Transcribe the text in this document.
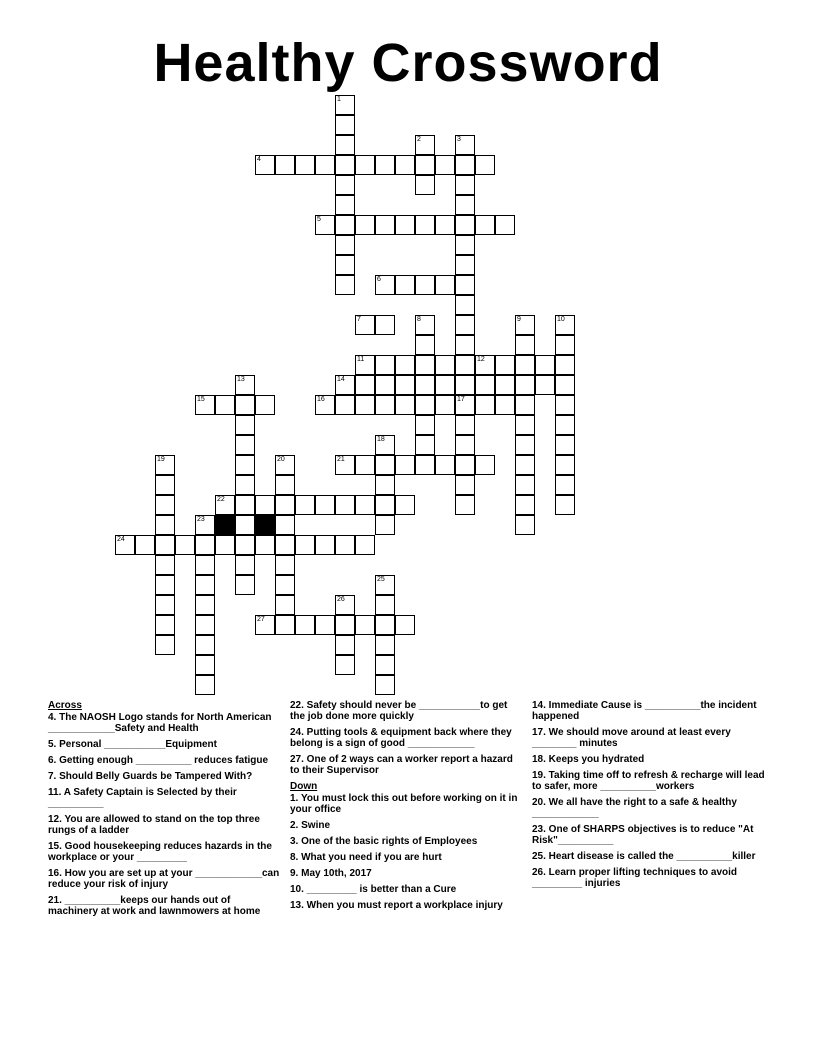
Healthy Crossword
1
2	3
17
4
5
6
7	8	9	10
11	12
13	14
15	16
18
19	20	21
22
23
24
25
26
27
Across

4. The NAOSH Logo stands for North American ____________Safety and Health

5. Personal ___________Equipment

6. Getting enough __________ reduces fatigue

7. Should Belly Guards be Tampered With?

11. A Safety Captain is Selected by their __________

12. You are allowed to stand on the top three rungs of a ladder

15. Good housekeeping reduces hazards in the workplace or your _________

16. How you are set up at your ____________can reduce your risk of injury

21. __________keeps our hands out of machinery at work and lawnmowers at home

22. Safety should never be ___________to get the job done more quickly

24. Putting tools & equipment back where they belong is a sign of good ____________

27. One of 2 ways can a worker report a hazard to their Supervisor

Down

1. You must lock this out before working on it in your office

2. Swine

3. One of the basic rights of Employees

8. What you need if you are hurt

9. May 10th, 2017

10. _________ is better than a Cure

13. When you must report a workplace injury

14. Immediate Cause is __________the incident happened

17. We should move around at least every ________ minutes

18. Keeps you hydrated

19. Taking time off to refresh & recharge will lead to safer, more __________workers

20. We all have the right to a safe & healthy ____________

23. One of SHARPS objectives is to reduce "At Risk"__________

25. Heart disease is called the __________killer

26. Learn proper lifting techniques to avoid _________ injuries
